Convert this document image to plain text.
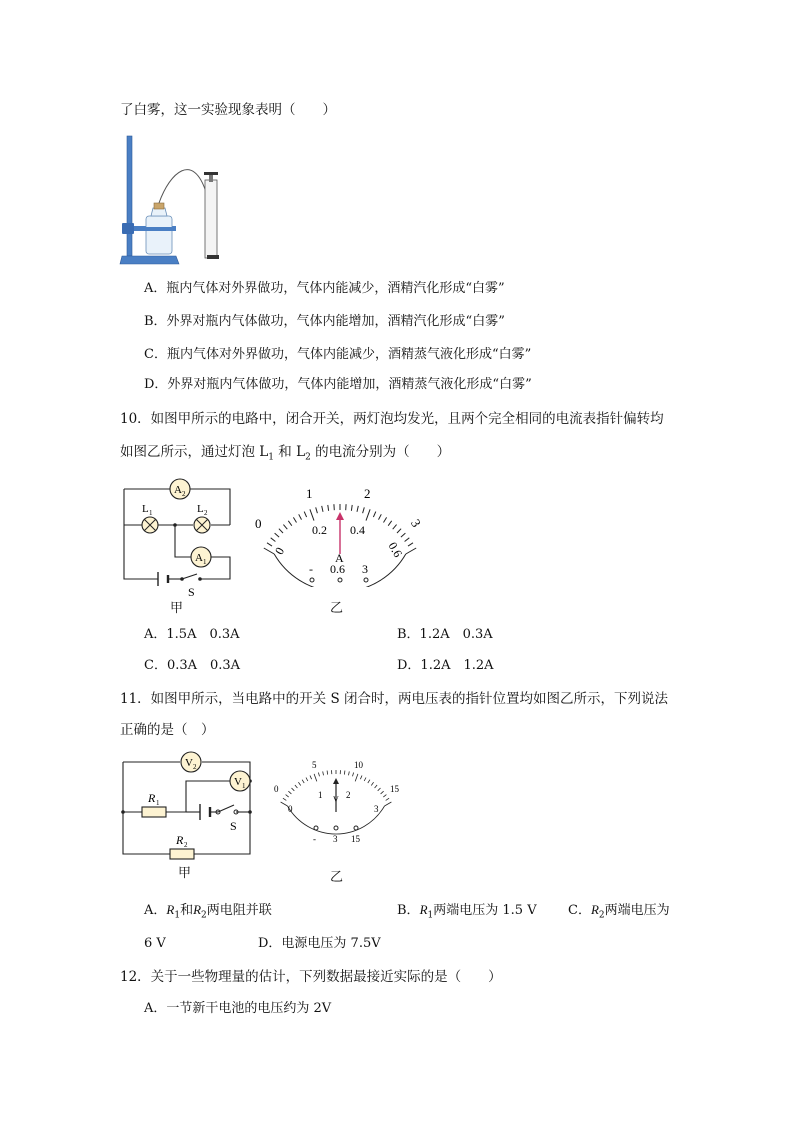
了白雾，这一实验现象表明（　　）
A．瓶内气体对外界做功，气体内能减少，酒精汽化形成“白雾”
B．外界对瓶内气体做功，气体内能增加，酒精汽化形成“白雾”
C．瓶内气体对外界做功，气体内能减少，酒精蒸气液化形成“白雾”
D．外界对瓶内气体做功，气体内能增加，酒精蒸气液化形成“白雾”
10．如图甲所示的电路中，闭合开关，两灯泡均发光，且两个完全相同的电流表指针偏转均
如图乙所示，通过灯泡 $L_1$ 和 $L_2$ 的电流分别为（　　）
A 2
L 1	L 2
A 1
S
甲
0
1	2
3
0
0.2 0.4
0.6
A
- 0.6 3
乙
A．1.5A　0.3A	B．1.2A　0.3A
C．0.3A　0.3A	D．1.2A　1.2A
11．如图甲所示，当电路中的开关 S 闭合时，两电压表的指针位置均如图乙所示，下列说法
正确的是（　）
V 2
V 1
R 1
R 2
S
甲
0
5	10
15
0
1	2
3
V
- 3 15
乙
A．$R_1$和$R_2$两电阻并联	B．$R_1$两端电压为 1.5 V C．$R_2$两端电压为
6 V	D．电源电压为 7.5V
12．关于一些物理量的估计，下列数据最接近实际的是（　　）
A．一节新干电池的电压约为 2V
